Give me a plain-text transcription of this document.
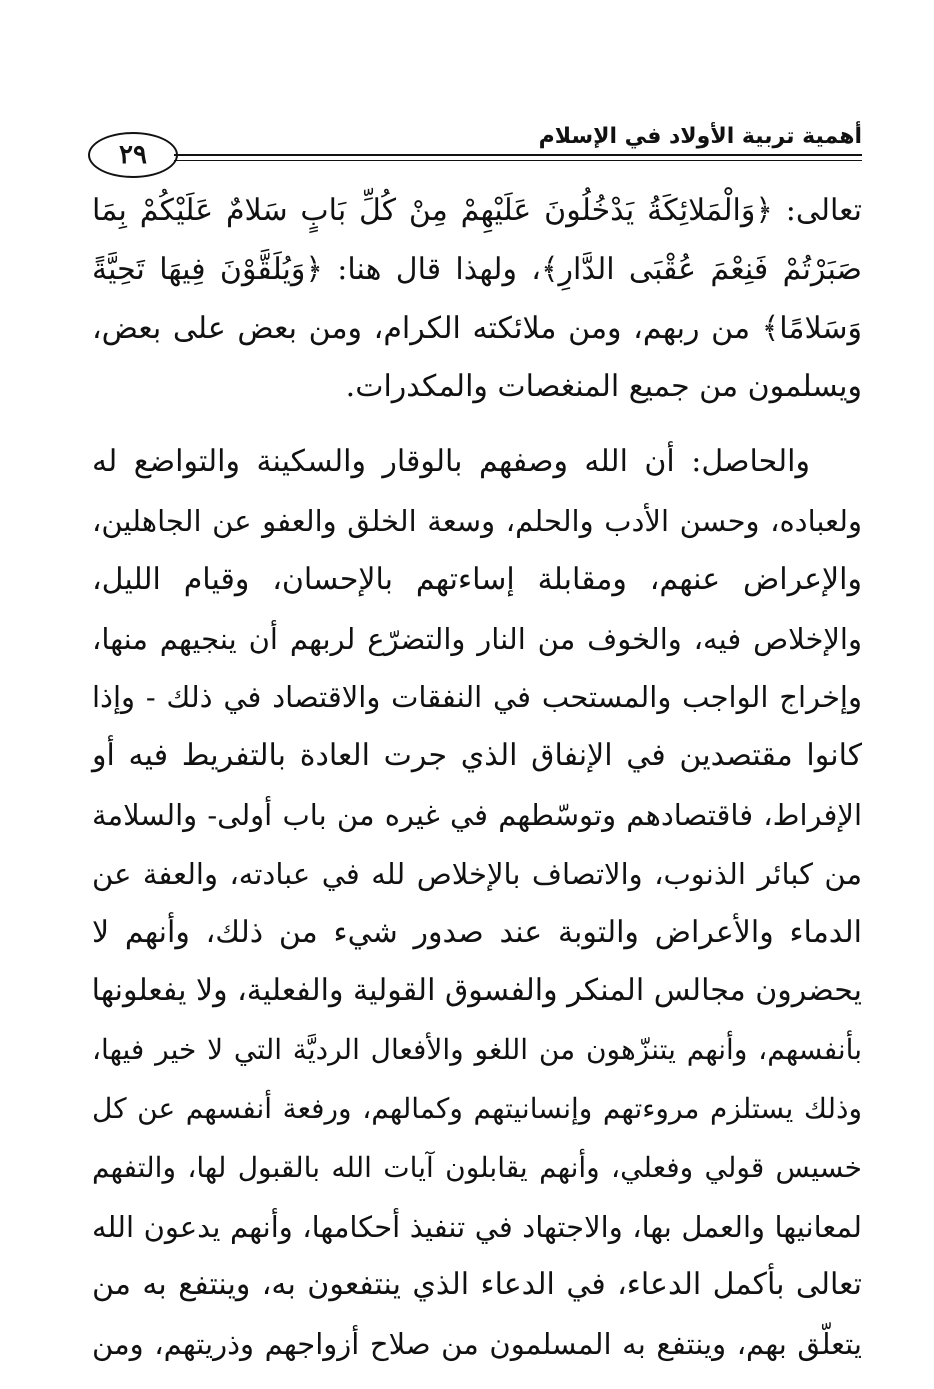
٢٩
أهمية تربية الأولاد في الإسلام
تعالى: ﴿وَالْمَلائِكَةُ يَدْخُلُونَ عَلَيْهِمْ مِنْ كُلِّ بَابٍ سَلامٌ عَلَيْكُمْ بِمَا
صَبَرْتُمْ فَنِعْمَ عُقْبَى الدَّارِ﴾، ولهذا قال هنا: ﴿وَيُلَقَّوْنَ فِيهَا تَحِيَّةً
وَسَلامًا﴾ من ربهم، ومن ملائكته الكرام، ومن بعض على بعض،
ويسلمون من جميع المنغصات والمكدرات.
والحاصل: أن الله وصفهم بالوقار والسكينة والتواضع له
ولعباده، وحسن الأدب والحلم، وسعة الخلق والعفو عن الجاهلين،
والإعراض عنهم، ومقابلة إساءتهم بالإحسان، وقيام الليل،
والإخلاص فيه، والخوف من النار والتضرّع لربهم أن ينجيهم منها،
وإخراج الواجب والمستحب في النفقات والاقتصاد في ذلك - وإذا
كانوا مقتصدين في الإنفاق الذي جرت العادة بالتفريط فيه أو
الإفراط، فاقتصادهم وتوسّطهم في غيره من باب أولى- والسلامة
من كبائر الذنوب، والاتصاف بالإخلاص لله في عبادته، والعفة عن
الدماء والأعراض والتوبة عند صدور شيء من ذلك، وأنهم لا
يحضرون مجالس المنكر والفسوق القولية والفعلية، ولا يفعلونها
بأنفسهم، وأنهم يتنزّهون من اللغو والأفعال الرديَّة التي لا خير فيها،
وذلك يستلزم مروءتهم وإنسانيتهم وكمالهم، ورفعة أنفسهم عن كل
خسيس قولي وفعلي، وأنهم يقابلون آيات الله بالقبول لها، والتفهم
لمعانيها والعمل بها، والاجتهاد في تنفيذ أحكامها، وأنهم يدعون الله
تعالى بأكمل الدعاء، في الدعاء الذي ينتفعون به، وينتفع به من
يتعلّق بهم، وينتفع به المسلمون من صلاح أزواجهم وذريتهم، ومن
